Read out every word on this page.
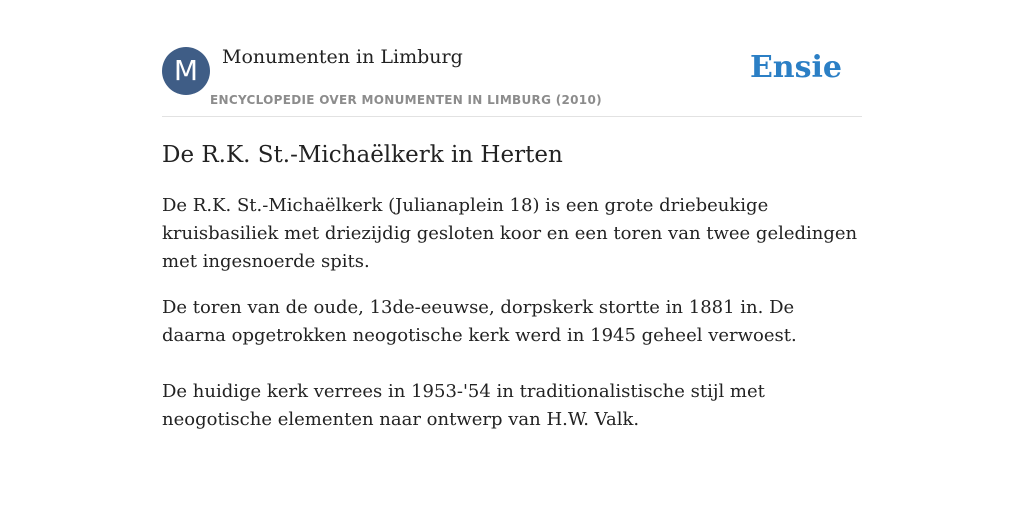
M	Monumenten in Limburg
ENCYCLOPEDIE OVER MONUMENTEN IN LIMBURG (2010)
Ensie
De R.K. St.-Michaëlkerk in Herten

De R.K. St.-Michaëlkerk (Julianaplein 18) is een grote driebeukige kruisbasiliek met driezijdig gesloten koor en een toren van twee geledingen met ingesnoerde spits.

De toren van de oude, 13de-eeuwse, dorpskerk stortte in 1881 in. De daarna opgetrokken neogotische kerk werd in 1945 geheel verwoest.

De huidige kerk verrees in 1953-'54 in traditionalistische stijl met neogotische elementen naar ontwerp van H.W. Valk.
